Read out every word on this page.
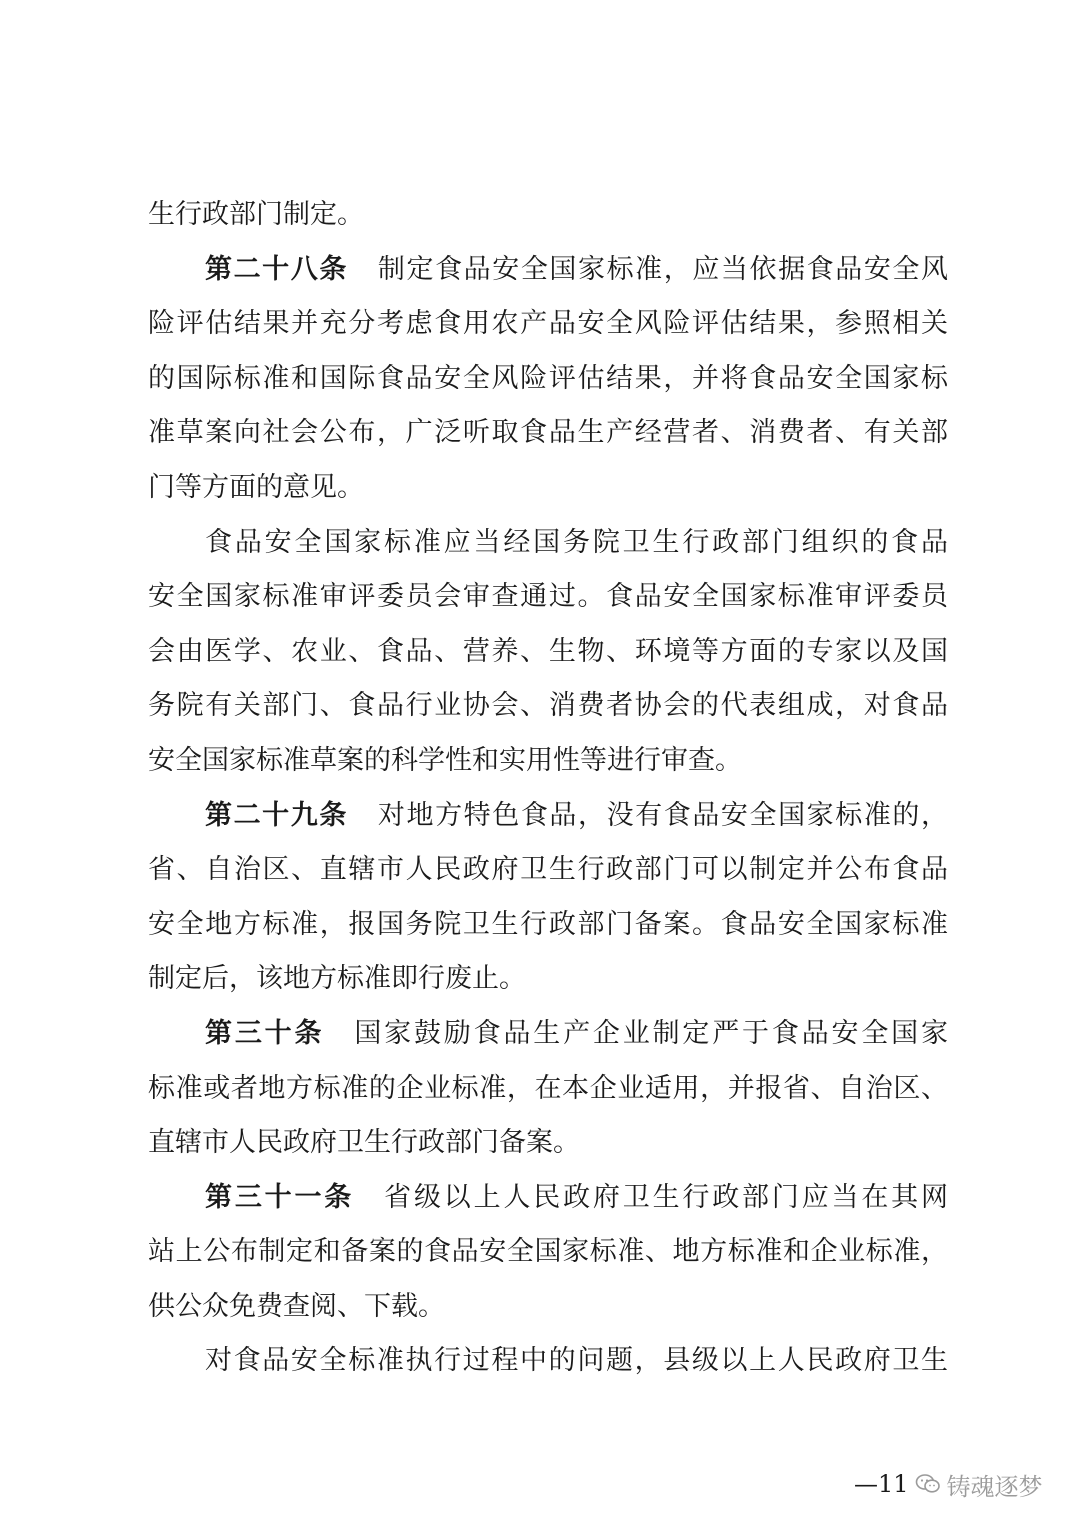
生行政部门制定。
第二十八条 制定食品安全国家标准，应当依据食品安全风
险评估结果并充分考虑食用农产品安全风险评估结果，参照相关
的国际标准和国际食品安全风险评估结果，并将食品安全国家标
准草案向社会公布，广泛听取食品生产经营者、消费者、有关部
门等方面的意见。
食品安全国家标准应当经国务院卫生行政部门组织的食品
安全国家标准审评委员会审查通过。食品安全国家标准审评委员
会由医学、农业、食品、营养、生物、环境等方面的专家以及国
务院有关部门、食品行业协会、消费者协会的代表组成，对食品
安全国家标准草案的科学性和实用性等进行审查。
第二十九条 对地方特色食品，没有食品安全国家标准的，
省、自治区、直辖市人民政府卫生行政部门可以制定并公布食品
安全地方标准，报国务院卫生行政部门备案。食品安全国家标准
制定后，该地方标准即行废止。
第三十条 国家鼓励食品生产企业制定严于食品安全国家
标准或者地方标准的企业标准，在本企业适用，并报省、自治区、
直辖市人民政府卫生行政部门备案。
第三十一条 省级以上人民政府卫生行政部门应当在其网
站上公布制定和备案的食品安全国家标准、地方标准和企业标准，
供公众免费查阅、下载。
对食品安全标准执行过程中的问题，县级以上人民政府卫生
—11 铸魂逐梦
